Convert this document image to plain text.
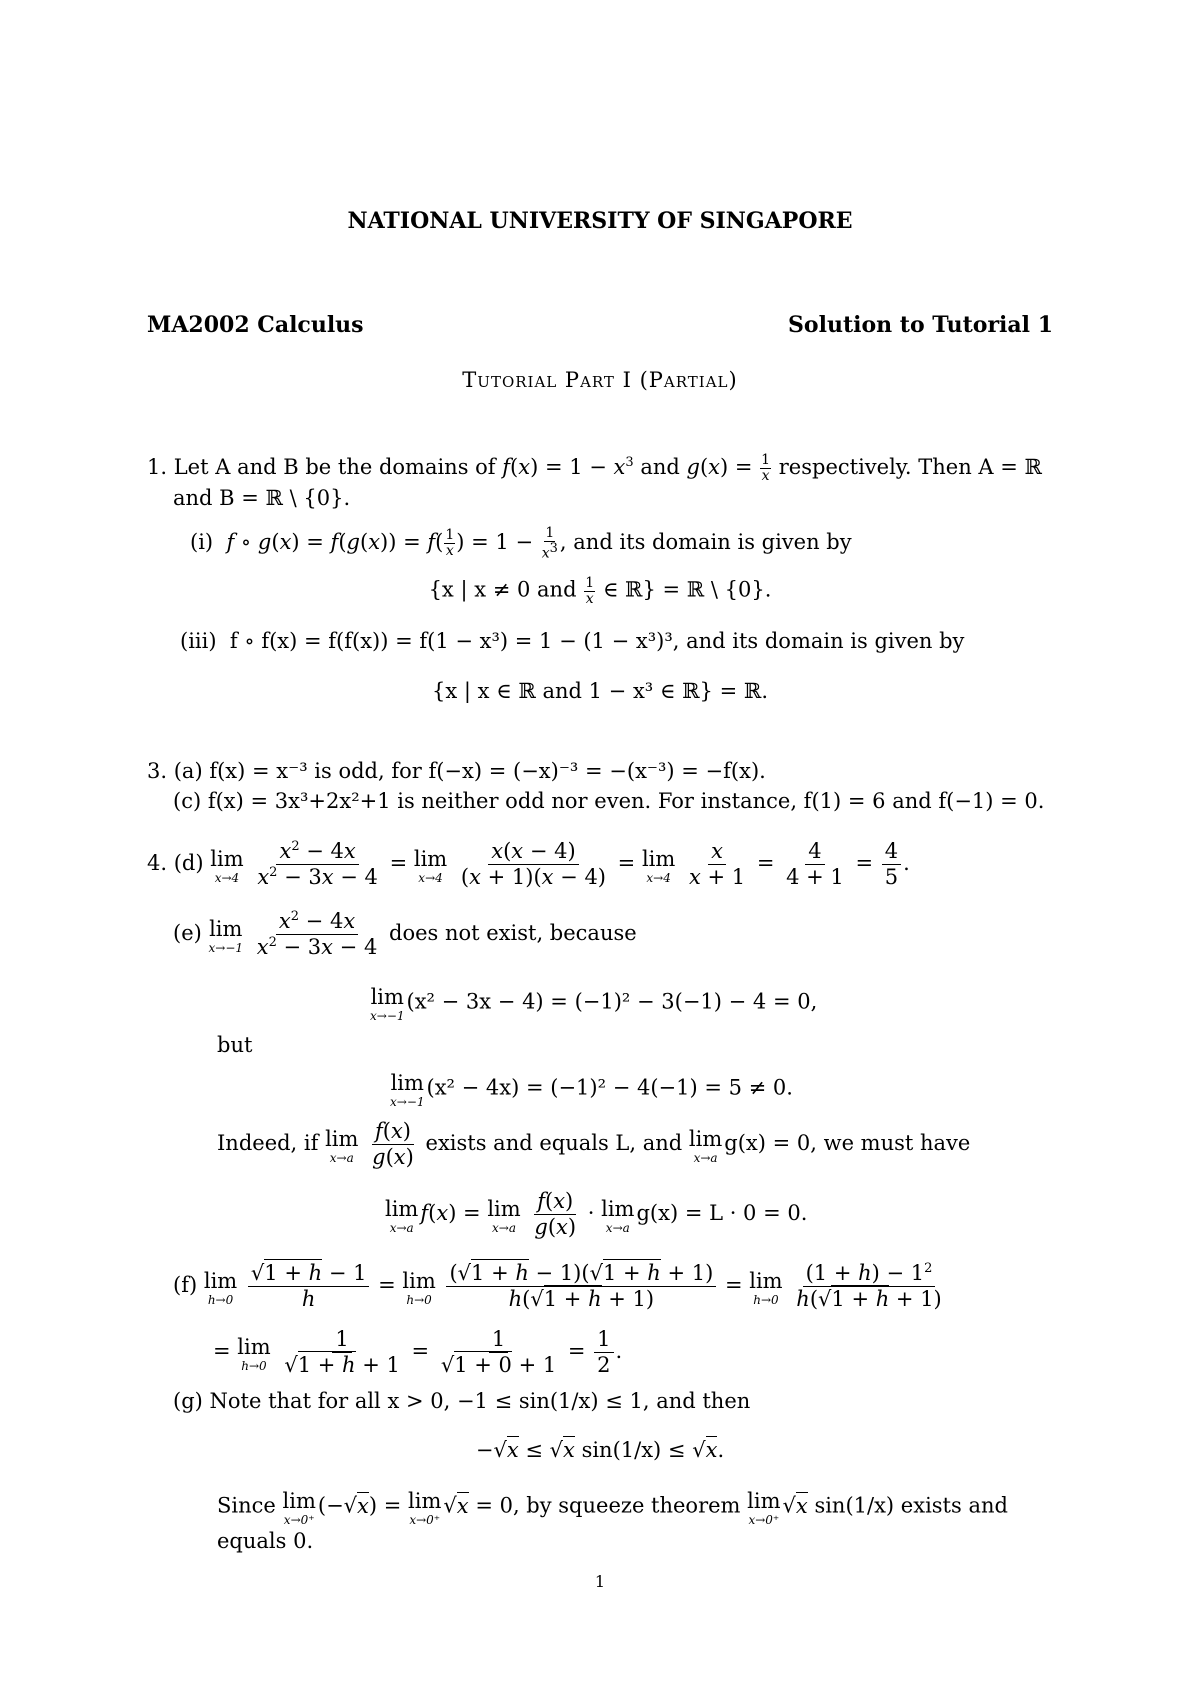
NATIONAL UNIVERSITY OF SINGAPORE
MA2002 Calculus	Solution to Tutorial 1
Tutorial Part I (Partial)
1. Let A and B be the domains of $f(x) = 1 - x^3$ and $g(x) = \frac{1}{x}$ respectively. Then A = ℝ
and B = ℝ \ {0}.
(i) f ∘ $g(x) = f(g(x)) = f( \frac{1}{x}$ ) = $1 - \frac{1}{x^3}$ , and its domain is given by
{x | x ≠ 0 and $\frac{1}{x}$ ∈ ℝ} = ℝ \ {0}.
(iii) f ∘ f(x) = f(f(x)) = f(1 − x³) = 1 − (1 − x³)³, and its domain is given by
{x | x ∈ ℝ and 1 − x³ ∈ ℝ} = ℝ.
3. (a) f(x) = x⁻³ is odd, for f(−x) = (−x)⁻³ = −(x⁻³) = −f(x).
(c) f(x) = 3x³+2x²+1 is neither odd nor even. For instance, f(1) = 6 and f(−1) = 0.
4. (d) lim
x→4
$\frac{x^2 - 4x}{x^2 - 3x - 4} = \lim$
x→4
$\frac{x(x - 4)}{(x + 1)(x - 4)} = \lim$
x→4
$\frac{x}{x + 1} = \frac{4}{4 + 1} = \frac{4}{5}$ .
(e) lim
x→−1
$\frac{x^2 - 4x}{x^2 - 3x - 4}$ does not exist, because
lim
x→−1
(x² − 3x − 4) = (−1)² − 3(−1) − 4 = 0,
but
lim
x→−1
(x² − 4x) = (−1)² − 4(−1) = 5 ≠ 0.
Indeed, if lim
x→a
$\frac{f(x)}{g(x)}$ exists and equals L, and lim
x→a
g(x) = 0, we must have
lim
x→a
f(x) = lim
x→a
$\frac{f(x)}{g(x)} \cdot \lim$
x→a
g(x) = L · 0 = 0.
(f) lim
h→0
$\frac{√1 + h - 1}{h} = \lim$
h→0
$\frac{(√1 + h - 1)(√1 + h + 1)}{h(√1 + h + 1)} = \lim$
h→0
$\frac{(1 + h) - 1^2}{h(√1 + h + 1)}$
= lim
h→0
$\frac{1}{√1 + h + 1} = \frac{1}{√1 + 0 + 1} = \frac{1}{2}$ .
(g) Note that for all x > 0, −1 ≤ sin(1/x) ≤ 1, and then
−√x ≤ √x sin(1/x) ≤ √x.
Since lim
x→0⁺
(−√x) = lim
x→0⁺
√x = 0, by squeeze theorem lim
x→0⁺
√x sin(1/x) exists and
equals 0.
1
